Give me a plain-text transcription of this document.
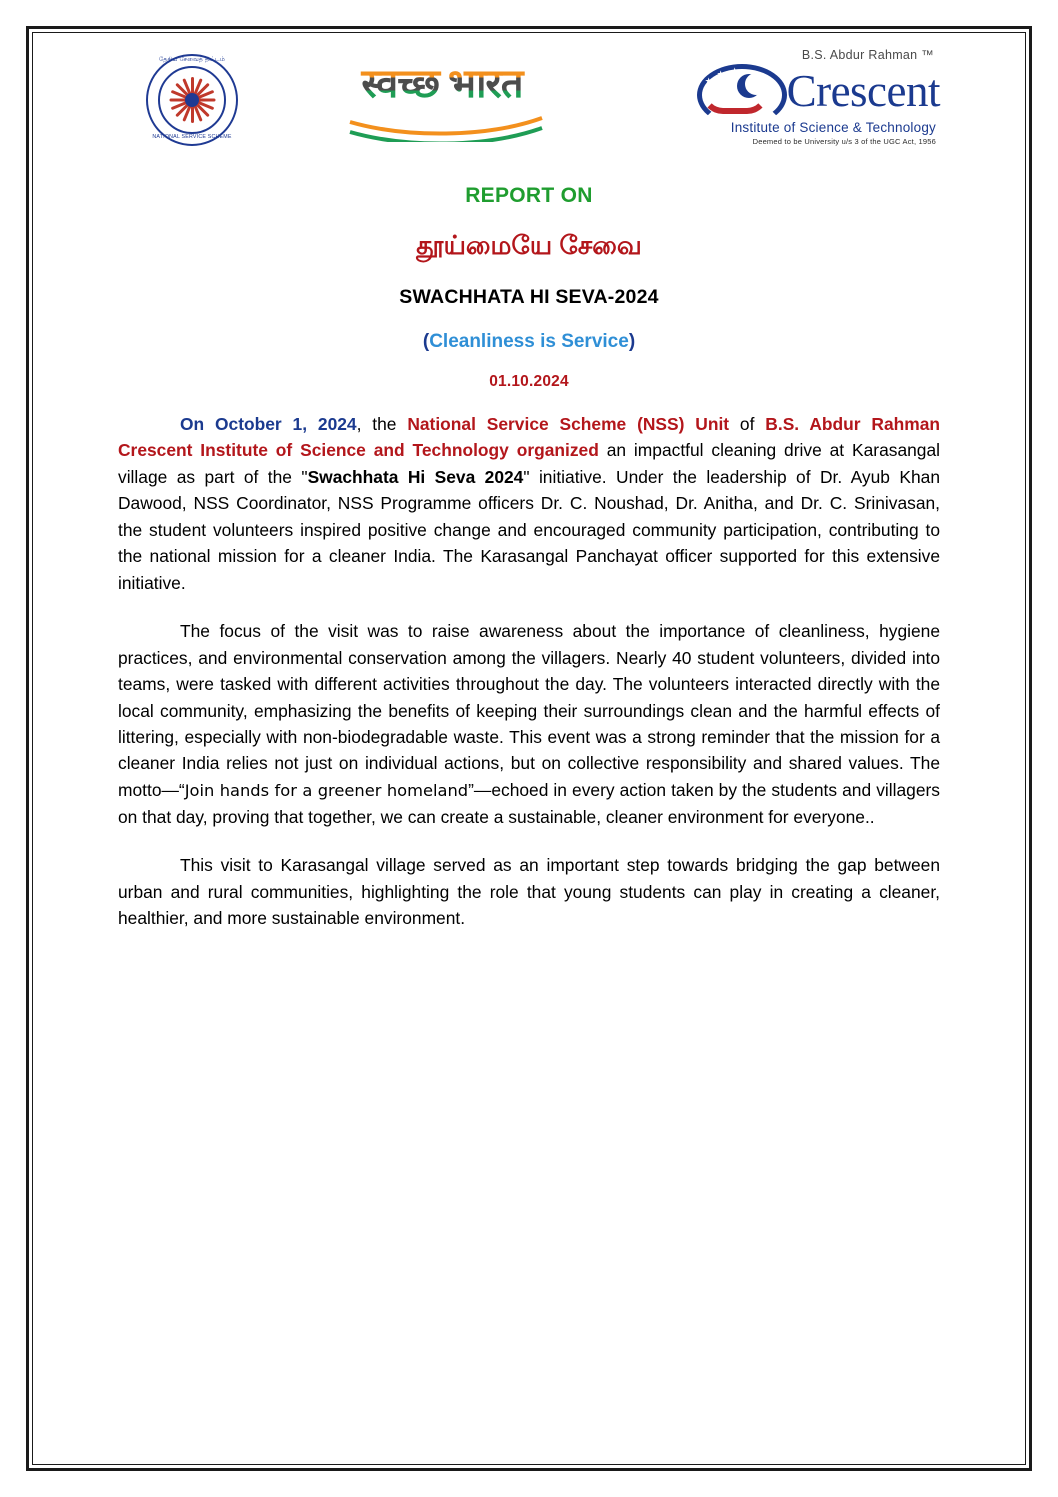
தேசிய சேவைத் திட்டம்
NATIONAL SERVICE SCHEME
स्वच्छ भारत
B.S. Abdur Rahman ™
★
★ ★ Crescent
Institute of Science & Technology
Deemed to be University u/s 3 of the UGC Act, 1956
REPORT ON
தூய்மையே சேவை
SWACHHATA HI SEVA-2024
(Cleanliness is Service)
01.10.2024

On October 1, 2024, the National Service Scheme (NSS) Unit of B.S. Abdur Rahman Crescent Institute of Science and Technology organized an impactful cleaning drive at Karasangal village as part of the "Swachhata Hi Seva 2024" initiative. Under the leadership of Dr. Ayub Khan Dawood, NSS Coordinator, NSS Programme officers Dr. C. Noushad, Dr. Anitha, and Dr. C. Srinivasan, the student volunteers inspired positive change and encouraged community participation, contributing to the national mission for a cleaner India. The Karasangal Panchayat officer supported for this extensive initiative.

The focus of the visit was to raise awareness about the importance of cleanliness, hygiene practices, and environmental conservation among the villagers. Nearly 40 student volunteers, divided into teams, were tasked with different activities throughout the day. The volunteers interacted directly with the local community, emphasizing the benefits of keeping their surroundings clean and the harmful effects of littering, especially with non-biodegradable waste. This event was a strong reminder that the mission for a cleaner India relies not just on individual actions, but on collective responsibility and shared values. The motto—“Join hands for a greener homeland”—echoed in every action taken by the students and villagers on that day, proving that together, we can create a sustainable, cleaner environment for everyone..

This visit to Karasangal village served as an important step towards bridging the gap between urban and rural communities, highlighting the role that young students can play in creating a cleaner, healthier, and more sustainable environment.
